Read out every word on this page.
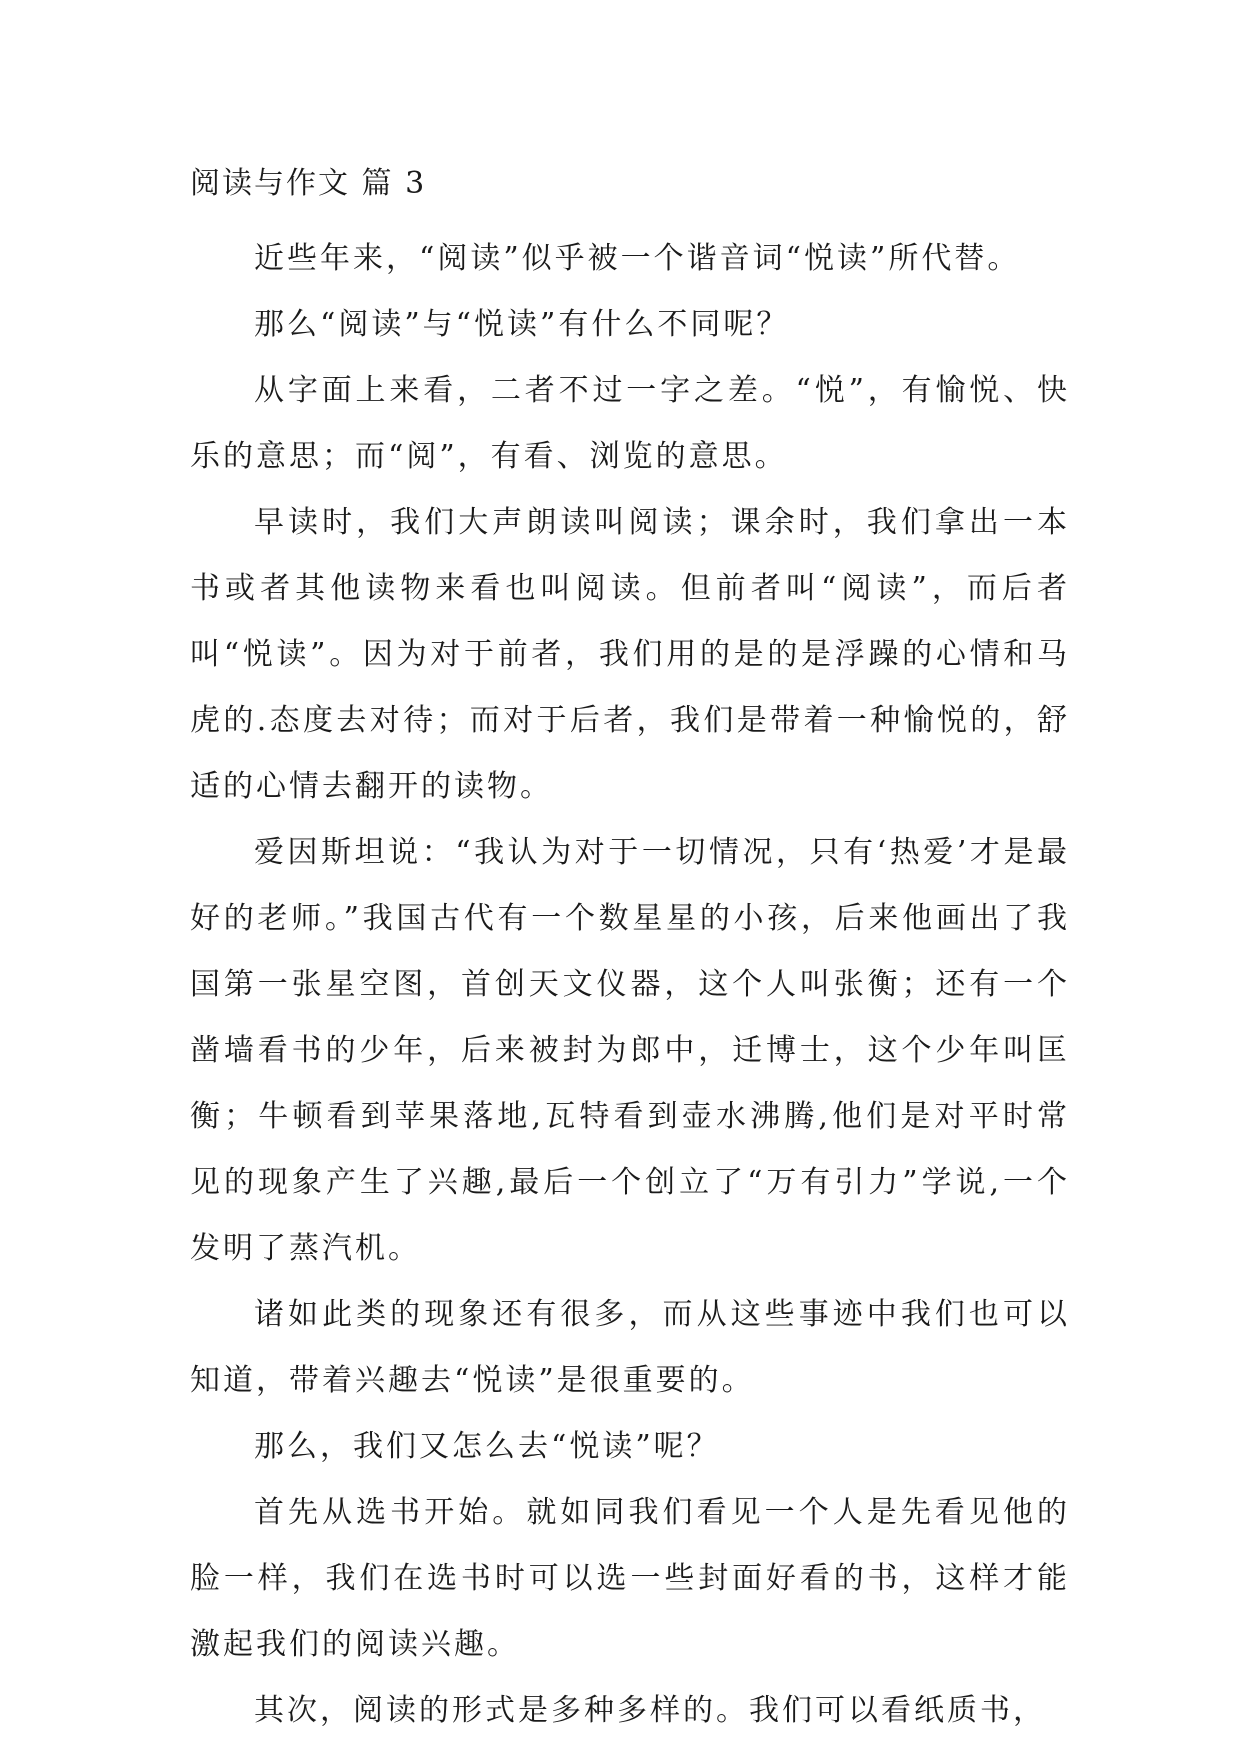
阅读与作文 篇 3

近些年来，“阅读”似乎被一个谐音词“悦读”所代替。

那么“阅读”与“悦读”有什么不同呢？

从字面上来看，二者不过一字之差。“悦”，有愉悦、快乐的意思；而“阅”，有看、浏览的意思。

早读时，我们大声朗读叫阅读；课余时，我们拿出一本书或者其他读物来看也叫阅读。但前者叫“阅读”，而后者叫“悦读”。因为对于前者，我们用的是的是浮躁的心情和马虎的.态度去对待；而对于后者，我们是带着一种愉悦的，舒适的心情去翻开的读物。

爱因斯坦说：“我认为对于一切情况，只有‘热爱’才是最好的老师。”我国古代有一个数星星的小孩，后来他画出了我国第一张星空图，首创天文仪器，这个人叫张衡；还有一个凿墙看书的少年，后来被封为郎中，迁博士，这个少年叫匡衡；牛顿看到苹果落地,瓦特看到壶水沸腾,他们是对平时常见的现象产生了兴趣,最后一个创立了“万有引力”学说,一个发明了蒸汽机。

诸如此类的现象还有很多，而从这些事迹中我们也可以知道，带着兴趣去“悦读”是很重要的。

那么，我们又怎么去“悦读”呢？

首先从选书开始。就如同我们看见一个人是先看见他的脸一样，我们在选书时可以选一些封面好看的书，这样才能激起我们的阅读兴趣。

其次，阅读的形式是多种多样的。我们可以看纸质书，
